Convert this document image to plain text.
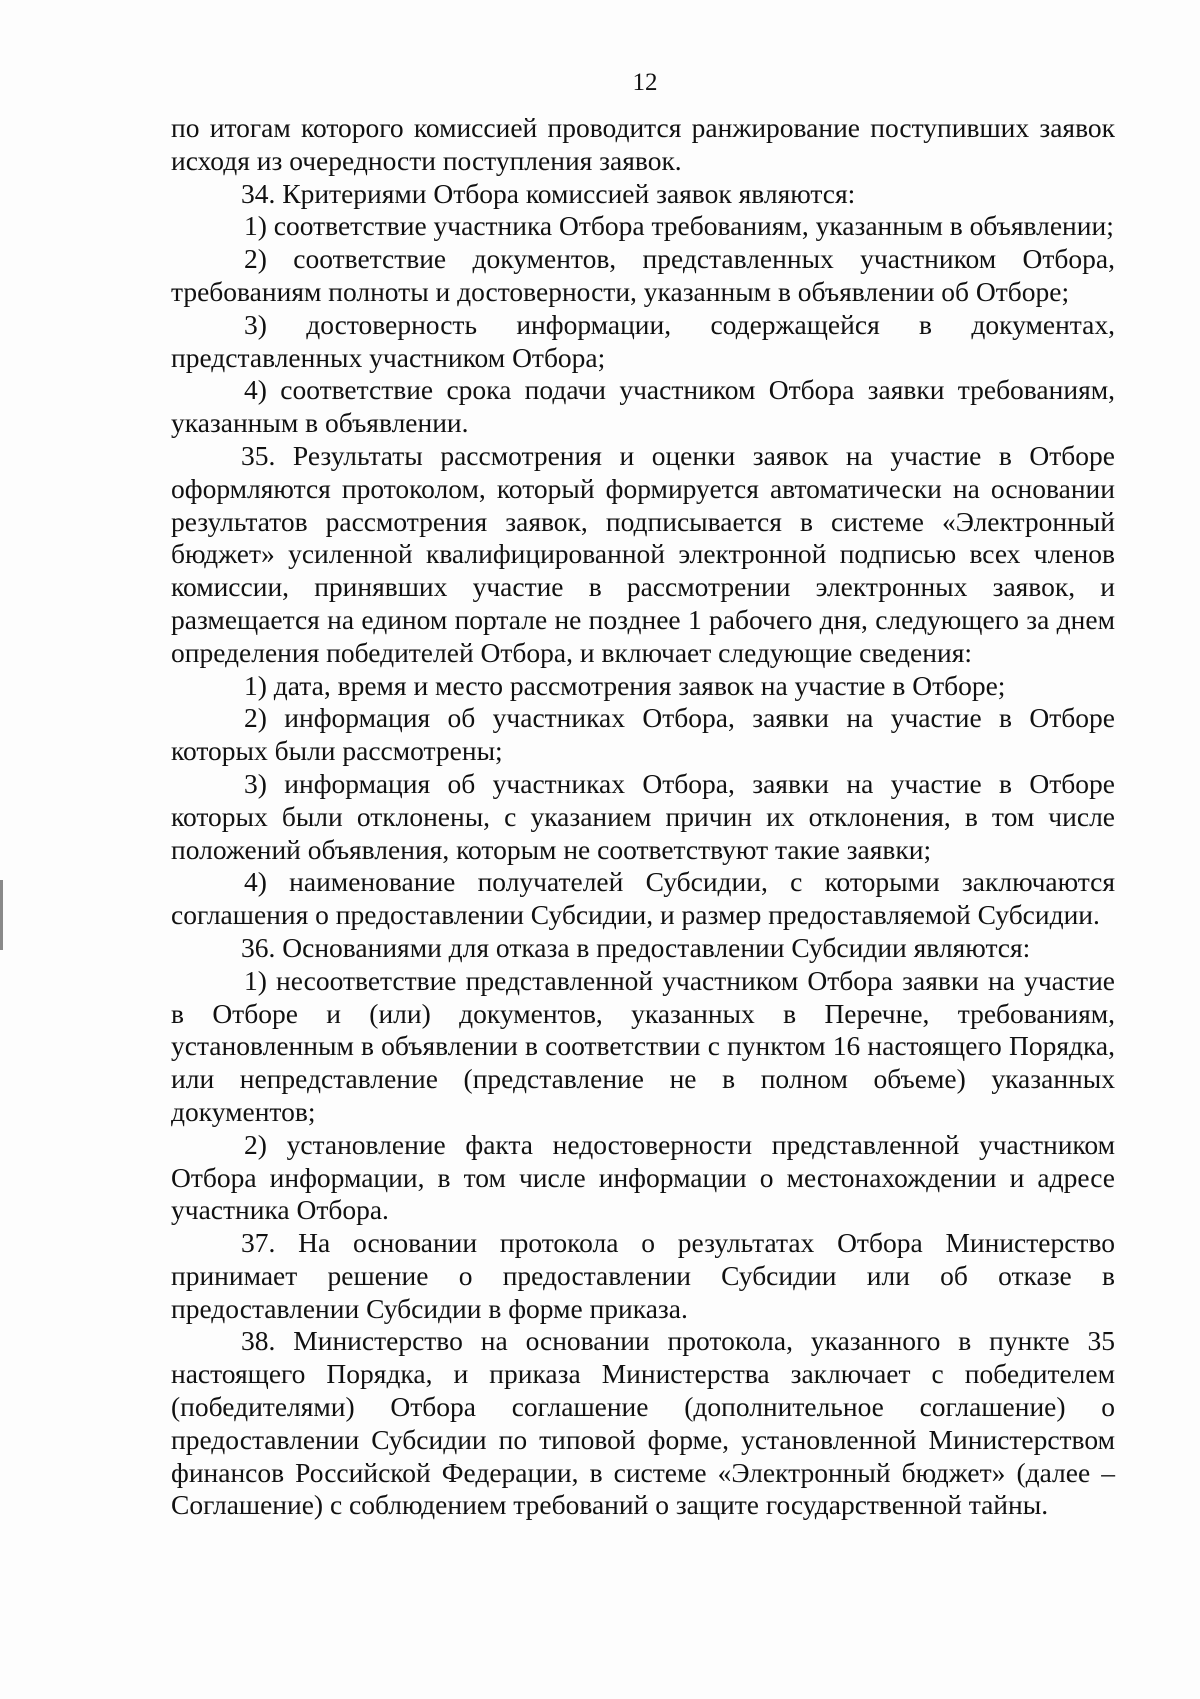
12

по итогам которого комиссией проводится ранжирование поступивших заявок исходя из очередности поступления заявок.

34. Критериями Отбора комиссией заявок являются:

1) соответствие участника Отбора требованиям, указанным в объявлении;

2) соответствие документов, представленных участником Отбора, требованиям полноты и достоверности, указанным в объявлении об Отборе;

3) достоверность информации, содержащейся в документах, представленных участником Отбора;

4) соответствие срока подачи участником Отбора заявки требованиям, указанным в объявлении.

35. Результаты рассмотрения и оценки заявок на участие в Отборе оформляются протоколом, который формируется автоматически на основании результатов рассмотрения заявок, подписывается в системе «Электронный бюджет» усиленной квалифицированной электронной подписью всех членов комиссии, принявших участие в рассмотрении электронных заявок, и размещается на едином портале не позднее 1 рабочего дня, следующего за днем определения победителей Отбора, и включает следующие сведения:

1) дата, время и место рассмотрения заявок на участие в Отборе;

2) информация об участниках Отбора, заявки на участие в Отборе которых были рассмотрены;

3) информация об участниках Отбора, заявки на участие в Отборе которых были отклонены, с указанием причин их отклонения, в том числе положений объявления, которым не соответствуют такие заявки;

4) наименование получателей Субсидии, с которыми заключаются соглашения о предоставлении Субсидии, и размер предоставляемой Субсидии.

36. Основаниями для отказа в предоставлении Субсидии являются:

1) несоответствие представленной участником Отбора заявки на участие в Отборе и (или) документов, указанных в Перечне, требованиям, установленным в объявлении в соответствии с пунктом 16 настоящего Порядка, или непредставление (представление не в полном объеме) указанных документов;

2) установление факта недостоверности представленной участником Отбора информации, в том числе информации о местонахождении и адресе участника Отбора.

37. На основании протокола о результатах Отбора Министерство принимает решение о предоставлении Субсидии или об отказе в предоставлении Субсидии в форме приказа.

38. Министерство на основании протокола, указанного в пункте 35 настоящего Порядка, и приказа Министерства заключает с победителем (победителями) Отбора соглашение (дополнительное соглашение) о предоставлении Субсидии по типовой форме, установленной Министерством финансов Российской Федерации, в системе «Электронный бюджет» (далее – Соглашение) с соблюдением требований о защите государственной тайны.
